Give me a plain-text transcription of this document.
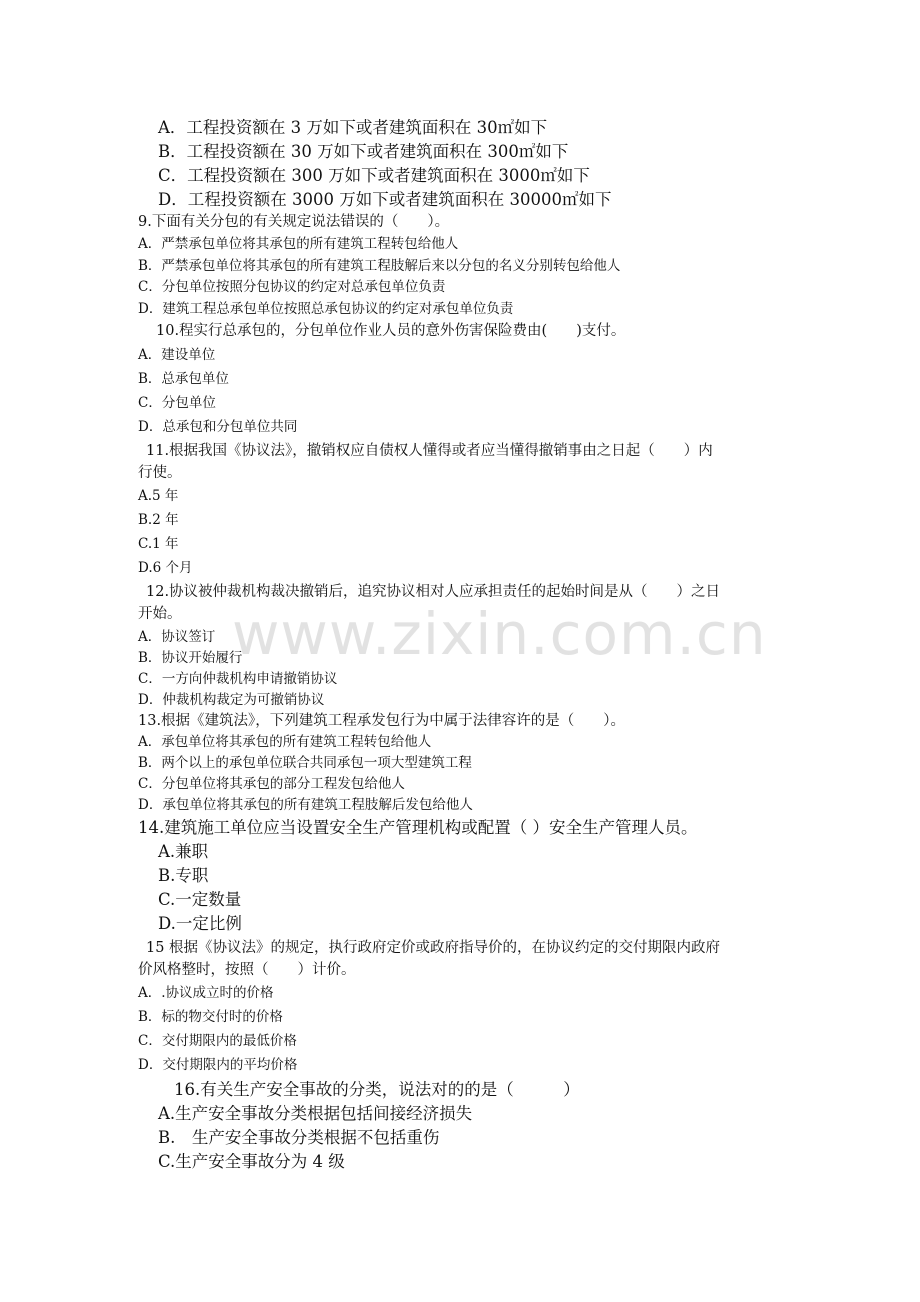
www.zixin.com.cn
A．工程投资额在 3 万如下或者建筑面积在 30㎡如下
B．工程投资额在 30 万如下或者建筑面积在 300㎡如下
C．工程投资额在 300 万如下或者建筑面积在 3000㎡如下
D．工程投资额在 3000 万如下或者建筑面积在 30000㎡如下
9.下面有关分包的有关规定说法错误的（　　）。
A．严禁承包单位将其承包的所有建筑工程转包给他人
B．严禁承包单位将其承包的所有建筑工程肢解后来以分包的名义分别转包给他人
C．分包单位按照分包协议的约定对总承包单位负责
D．建筑工程总承包单位按照总承包协议的约定对承包单位负责
10.程实行总承包的，分包单位作业人员的意外伤害保险费由(　　)支付。
A．建设单位
B．总承包单位
C．分包单位
D．总承包和分包单位共同
11.根据我国《协议法》，撤销权应自债权人懂得或者应当懂得撤销事由之日起（　　）内
行使。
A.5 年
B.2 年
C.1 年
D.6 个月
12.协议被仲裁机构裁决撤销后，追究协议相对人应承担责任的起始时间是从（　　）之日
开始。
A．协议签订
B．协议开始履行
C．一方向仲裁机构申请撤销协议
D．仲裁机构裁定为可撤销协议
13.根据《建筑法》，下列建筑工程承发包行为中属于法律容许的是（　　）。
A．承包单位将其承包的所有建筑工程转包给他人
B．两个以上的承包单位联合共同承包一项大型建筑工程
C．分包单位将其承包的部分工程发包给他人
D．承包单位将其承包的所有建筑工程肢解后发包给他人
14.建筑施工单位应当设置安全生产管理机构或配置（ ）安全生产管理人员。
A.兼职
B.专职
C.一定数量
D.一定比例
15 根据《协议法》的规定，执行政府定价或政府指导价的，在协议约定的交付期限内政府
价风格整时，按照（　　）计价。
A．.协议成立时的价格
B．标的物交付时的价格
C．交付期限内的最低价格
D．交付期限内的平均价格
16.有关生产安全事故的分类，说法对的的是（　　　）
A.生产安全事故分类根据包括间接经济损失
B.　生产安全事故分类根据不包括重伤
C.生产安全事故分为 4 级
